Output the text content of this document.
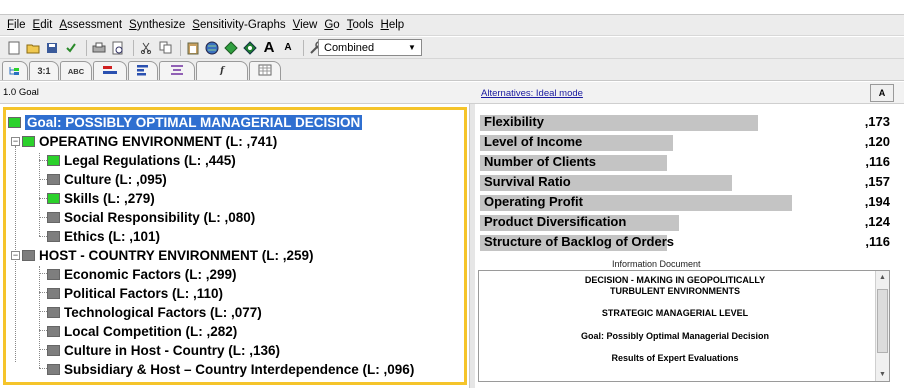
File Edit Assessment Synthesize Sensitivity-Graphs View Go Tools Help
A A	Combined	▼
3:1 ABC	f
1.0 Goal	Alternatives: Ideal mode	A
Goal: POSSIBLY OPTIMAL MANAGERIAL DECISION
− OPERATING ENVIRONMENT (L: ,741)
Legal Regulations (L: ,445)
Culture (L: ,095)
Skills (L: ,279)
Social Responsibility (L: ,080)
Ethics (L: ,101)
− HOST - COUNTRY ENVIRONMENT (L: ,259)
Economic Factors (L: ,299)
Political Factors (L: ,110)
Technological Factors (L: ,077)
Local Competition (L: ,282)
Culture in Host - Country (L: ,136)
Subsidiary & Host – Country Interdependence (L: ,096)
Flexibility	,173
Level of Income	,120
Number of Clients	,116
Survival Ratio	,157
Operating Profit	,194
Product Diversification	,124
Structure of Backlog of Orders	,116
Information Document
DECISION - MAKING IN GEOPOLITICALLY
TURBULENT ENVIRONMENTS
STRATEGIC MANAGERIAL LEVEL
Goal: Possibly Optimal Managerial Decision
Results of Expert Evaluations
▲
▼
